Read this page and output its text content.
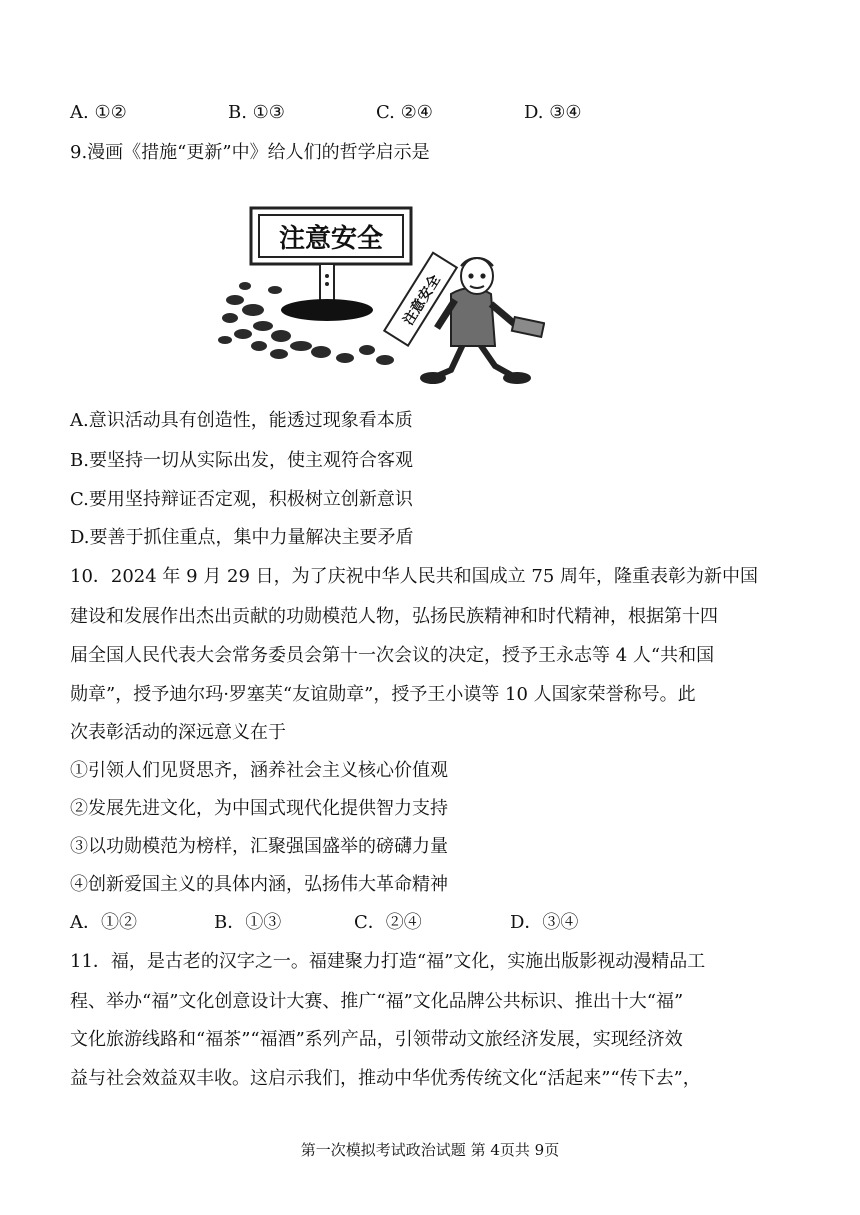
A. ①②	B. ①③	C. ②④	D. ③④
9.漫画《措施“更新”中》给人们的哲学启示是
注意安全
注意安全
A.意识活动具有创造性，能透过现象看本质
B.要坚持一切从实际出发，使主观符合客观
C.要用坚持辩证否定观，积极树立创新意识
D.要善于抓住重点，集中力量解决主要矛盾
10．2024 年 9 月 29 日，为了庆祝中华人民共和国成立 75 周年，隆重表彰为新中国
建设和发展作出杰出贡献的功勋模范人物，弘扬民族精神和时代精神，根据第十四
届全国人民代表大会常务委员会第十一次会议的决定，授予王永志等 4 人“共和国
勋章”，授予迪尔玛·罗塞芙“友谊勋章”，授予王小谟等 10 人国家荣誉称号。此
次表彰活动的深远意义在于
①引领人们见贤思齐，涵养社会主义核心价值观
②发展先进文化，为中国式现代化提供智力支持
③以功勋模范为榜样，汇聚强国盛举的磅礴力量
④创新爱国主义的具体内涵，弘扬伟大革命精神
A．①②	B．①③	C．②④	D．③④
11．福，是古老的汉字之一。福建聚力打造“福”文化，实施出版影视动漫精品工
程、举办“福”文化创意设计大赛、推广“福”文化品牌公共标识、推出十大“福”
文化旅游线路和“福茶”“福酒”系列产品，引领带动文旅经济发展，实现经济效
益与社会效益双丰收。这启示我们，推动中华优秀传统文化“活起来”“传下去”，
第一次模拟考试政治试题 第 4页共 9页
